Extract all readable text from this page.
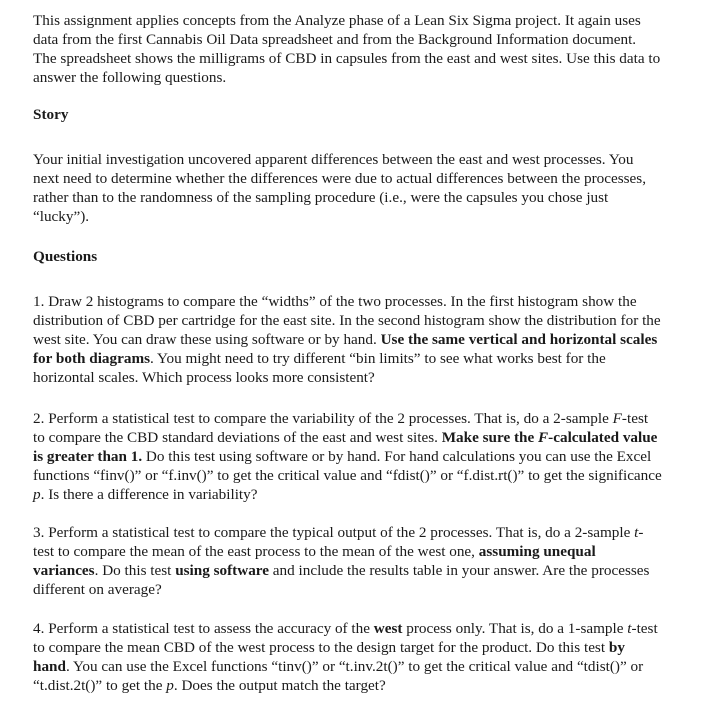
This assignment applies concepts from the Analyze phase of a Lean Six Sigma project. It again uses data from the first Cannabis Oil Data spreadsheet and from the Background Information document. The spreadsheet shows the milligrams of CBD in capsules from the east and west sites. Use this data to answer the following questions.

Story

Your initial investigation uncovered apparent differences between the east and west processes. You next need to determine whether the differences were due to actual differences between the processes, rather than to the randomness of the sampling procedure (i.e., were the capsules you chose just “lucky”).

Questions

1. Draw 2 histograms to compare the “widths” of the two processes. In the first histogram show the distribution of CBD per cartridge for the east site. In the second histogram show the distribution for the west site. You can draw these using software or by hand. Use the same vertical and horizontal scales for both diagrams. You might need to try different “bin limits” to see what works best for the horizontal scales. Which process looks more consistent?

2. Perform a statistical test to compare the variability of the 2 processes. That is, do a 2-sample F-test to compare the CBD standard deviations of the east and west sites. Make sure the F-calculated value is greater than 1. Do this test using software or by hand. For hand calculations you can use the Excel functions “finv()” or “f.inv()” to get the critical value and “fdist()” or “f.dist.rt()” to get the significance p. Is there a difference in variability?

3. Perform a statistical test to compare the typical output of the 2 processes. That is, do a 2-sample t-test to compare the mean of the east process to the mean of the west one, assuming unequal variances. Do this test using software and include the results table in your answer. Are the processes different on average?

4. Perform a statistical test to assess the accuracy of the west process only. That is, do a 1-sample t-test to compare the mean CBD of the west process to the design target for the product. Do this test by hand. You can use the Excel functions “tinv()” or “t.inv.2t()” to get the critical value and “tdist()” or “t.dist.2t()” to get the p. Does the output match the target?
